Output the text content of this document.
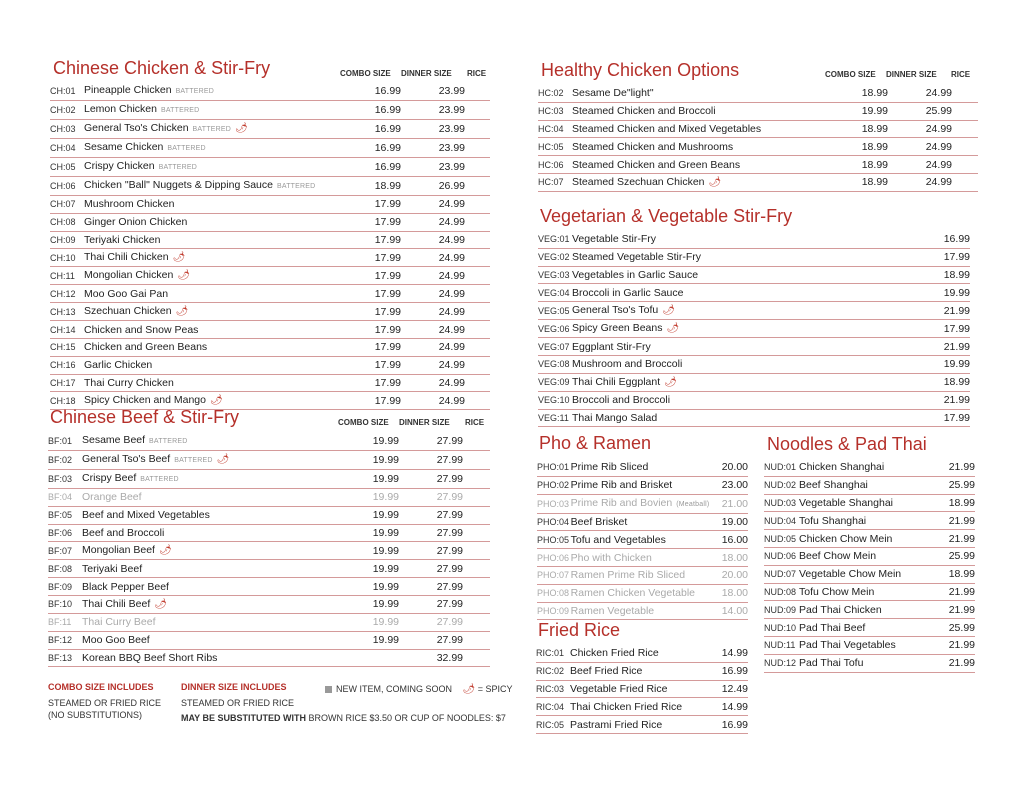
Chinese Chicken & Stir-Fry	COMBO SIZE DINNER SIZE RICE
CH:01	Pineapple Chicken BATTERED	16.99	23.99	
CH:02	Lemon Chicken BATTERED	16.99	23.99	
CH:03	General Tso's Chicken BATTERED 🌶︎	16.99	23.99	
CH:04	Sesame Chicken BATTERED	16.99	23.99	
CH:05	Crispy Chicken BATTERED	16.99	23.99	
CH:06	Chicken "Ball" Nuggets & Dipping Sauce BATTERED	18.99	26.99	
CH:07	Mushroom Chicken	17.99	24.99	
CH:08	Ginger Onion Chicken	17.99	24.99	
CH:09	Teriyaki Chicken	17.99	24.99	
CH:10	Thai Chili Chicken 🌶︎	17.99	24.99	
CH:11	Mongolian Chicken 🌶︎	17.99	24.99	
CH:12	Moo Goo Gai Pan	17.99	24.99	
CH:13	Szechuan Chicken 🌶︎	17.99	24.99	
CH:14	Chicken and Snow Peas	17.99	24.99	
CH:15	Chicken and Green Beans	17.99	24.99	
CH:16	Garlic Chicken	17.99	24.99	
CH:17	Thai Curry Chicken	17.99	24.99	
CH:18	Spicy Chicken and Mango 🌶︎	17.99	24.99	
Chinese Beef & Stir-Fry	COMBO SIZE DINNER SIZE RICE
BF:01	Sesame Beef BATTERED	19.99	27.99	
BF:02	General Tso's Beef BATTERED 🌶︎	19.99	27.99	
BF:03	Crispy Beef BATTERED	19.99	27.99	
BF:04	Orange Beef	19.99	27.99	
BF:05	Beef and Mixed Vegetables	19.99	27.99	
BF:06	Beef and Broccoli	19.99	27.99	
BF:07	Mongolian Beef 🌶︎	19.99	27.99	
BF:08	Teriyaki Beef	19.99	27.99	
BF:09	Black Pepper Beef	19.99	27.99	
BF:10	Thai Chili Beef 🌶︎	19.99	27.99	
BF:11	Thai Curry Beef	19.99	27.99	
BF:12	Moo Goo Beef	19.99	27.99	
BF:13	Korean BBQ Beef Short Ribs		32.99	
COMBO SIZE INCLUDES
STEAMED OR FRIED RICE
(NO SUBSTITUTIONS)
DINNER SIZE INCLUDES
STEAMED OR FRIED RICE
MAY BE SUBSTITUTED WITH BROWN RICE $3.50 OR CUP OF NOODLES: $7
NEW ITEM, COMING SOON 🌶︎ = SPICY
Healthy Chicken Options	COMBO SIZE DINNER SIZE RICE
HC:02	Sesame De"light"	18.99	24.99	
HC:03	Steamed Chicken and Broccoli	19.99	25.99	
HC:04	Steamed Chicken and Mixed Vegetables	18.99	24.99	
HC:05	Steamed Chicken and Mushrooms	18.99	24.99	
HC:06	Steamed Chicken and Green Beans	18.99	24.99	
HC:07	Steamed Szechuan Chicken 🌶︎	18.99	24.99	
Vegetarian & Vegetable Stir-Fry
VEG:01	Vegetable Stir-Fry	16.99
VEG:02	Steamed Vegetable Stir-Fry	17.99
VEG:03	Vegetables in Garlic Sauce	18.99
VEG:04	Broccoli in Garlic Sauce	19.99
VEG:05	General Tso's Tofu 🌶︎	21.99
VEG:06	Spicy Green Beans 🌶︎	17.99
VEG:07	Eggplant Stir-Fry	21.99
VEG:08	Mushroom and Broccoli	19.99
VEG:09	Thai Chili Eggplant 🌶︎	18.99
VEG:10	Broccoli and Broccoli	21.99
VEG:11	Thai Mango Salad	17.99
Pho & Ramen
PHO:01	Prime Rib Sliced	20.00
PHO:02	Prime Rib and Brisket	23.00
PHO:03	Prime Rib and Bovien (Meatball)	21.00
PHO:04	Beef Brisket	19.00
PHO:05	Tofu and Vegetables	16.00
PHO:06	Pho with Chicken	18.00
PHO:07	Ramen Prime Rib Sliced	20.00
PHO:08	Ramen Chicken Vegetable	18.00
PHO:09	Ramen Vegetable	14.00
Fried Rice
RIC:01	Chicken Fried Rice	14.99
RIC:02	Beef Fried Rice	16.99
RIC:03	Vegetable Fried Rice	12.49
RIC:04	Thai Chicken Fried Rice	14.99
RIC:05	Pastrami Fried Rice	16.99
Noodles & Pad Thai
NUD:01	Chicken Shanghai	21.99
NUD:02	Beef Shanghai	25.99
NUD:03	Vegetable Shanghai	18.99
NUD:04	Tofu Shanghai	21.99
NUD:05	Chicken Chow Mein	21.99
NUD:06	Beef Chow Mein	25.99
NUD:07	Vegetable Chow Mein	18.99
NUD:08	Tofu Chow Mein	21.99
NUD:09	Pad Thai Chicken	21.99
NUD:10	Pad Thai Beef	25.99
NUD:11	Pad Thai Vegetables	21.99
NUD:12	Pad Thai Tofu	21.99
